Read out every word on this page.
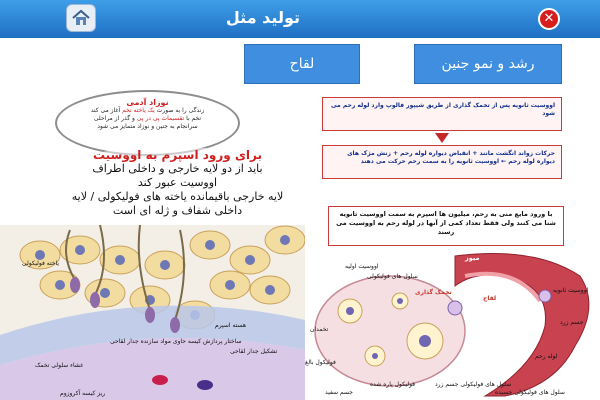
تولید مثل	✕
لقاح	رشد و نمو جنین
نوزاد آدمی
زندگی را به صورت یک یاخته تخم آغاز می کند
تخم با تقسیمات پی در پی و گذر از مراحلی
سرانجام به جنین و نوزاد متمایز می شود
برای ورود اسپرم به اووسیت
باید از دو لایه خارجی و داخلی اطراف
اووسیت عبور کند
لایه خارجی باقیمانده یاخته های فولیکولی / لایه
داخلی شفاف و ژله ای است
یاخته فولیکولی
هسته اسپرم
ساختار پردازش کیسه حاوی مواد سازنده جدار لقاحی
غشاء سلولی تخمک
تشکیل جدار لقاحی
ریز کیسه آکروزوم
اووسیت ثانویه پس از تخمک گذاری از طریق شیپور فالوپ وارد لوله رحم می شود
حرکات زواند انگشت مانند + انقباض دیواره لوله رحم + زنش مژک های دیواره لوله رحم ← اووسیت ثانویه را به سمت رحم حرکت می دهند
با ورود مایع منی به رحم، میلیون ها اسپرم به سمت اووسیت ثانویه شنا می کنند ولی فقط تعداد کمی از آنها در لوله رحم به اووسیت می رسند
میوز
اووسیت اولیه
سلول های فولیکولی
تخمک گذاری
لقاح
اووسیت ثانویه
جسم زرد
لوله رحم
تخمدان
فولیکول بالغ
جسم سفید
فولیکول پاره شده	سلول های فولیکولی جسم زرد
سلول های فولیکولی جسیده
